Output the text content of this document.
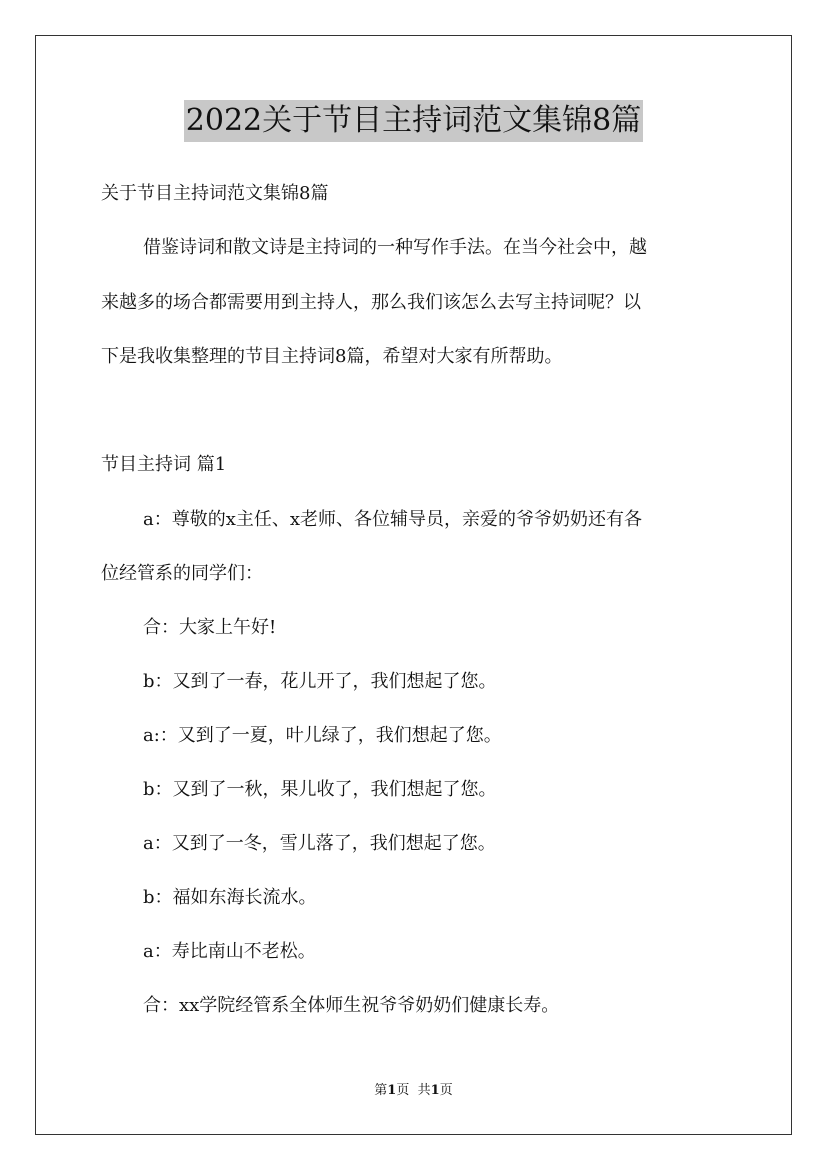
2022关于节目主持词范文集锦8篇
关于节目主持词范文集锦8篇
借鉴诗词和散文诗是主持词的一种写作手法。在当今社会中，越
来越多的场合都需要用到主持人，那么我们该怎么去写主持词呢？以
下是我收集整理的节目主持词8篇，希望对大家有所帮助。
节目主持词 篇1
a：尊敬的x主任、x老师、各位辅导员，亲爱的爷爷奶奶还有各
位经管系的同学们：
合：大家上午好!
b：又到了一春，花儿开了，我们想起了您。
a:：又到了一夏，叶儿绿了，我们想起了您。
b：又到了一秋，果儿收了，我们想起了您。
a：又到了一冬，雪儿落了，我们想起了您。
b：福如东海长流水。
a：寿比南山不老松。
合：xx学院经管系全体师生祝爷爷奶奶们健康长寿。
第1页 共1页
